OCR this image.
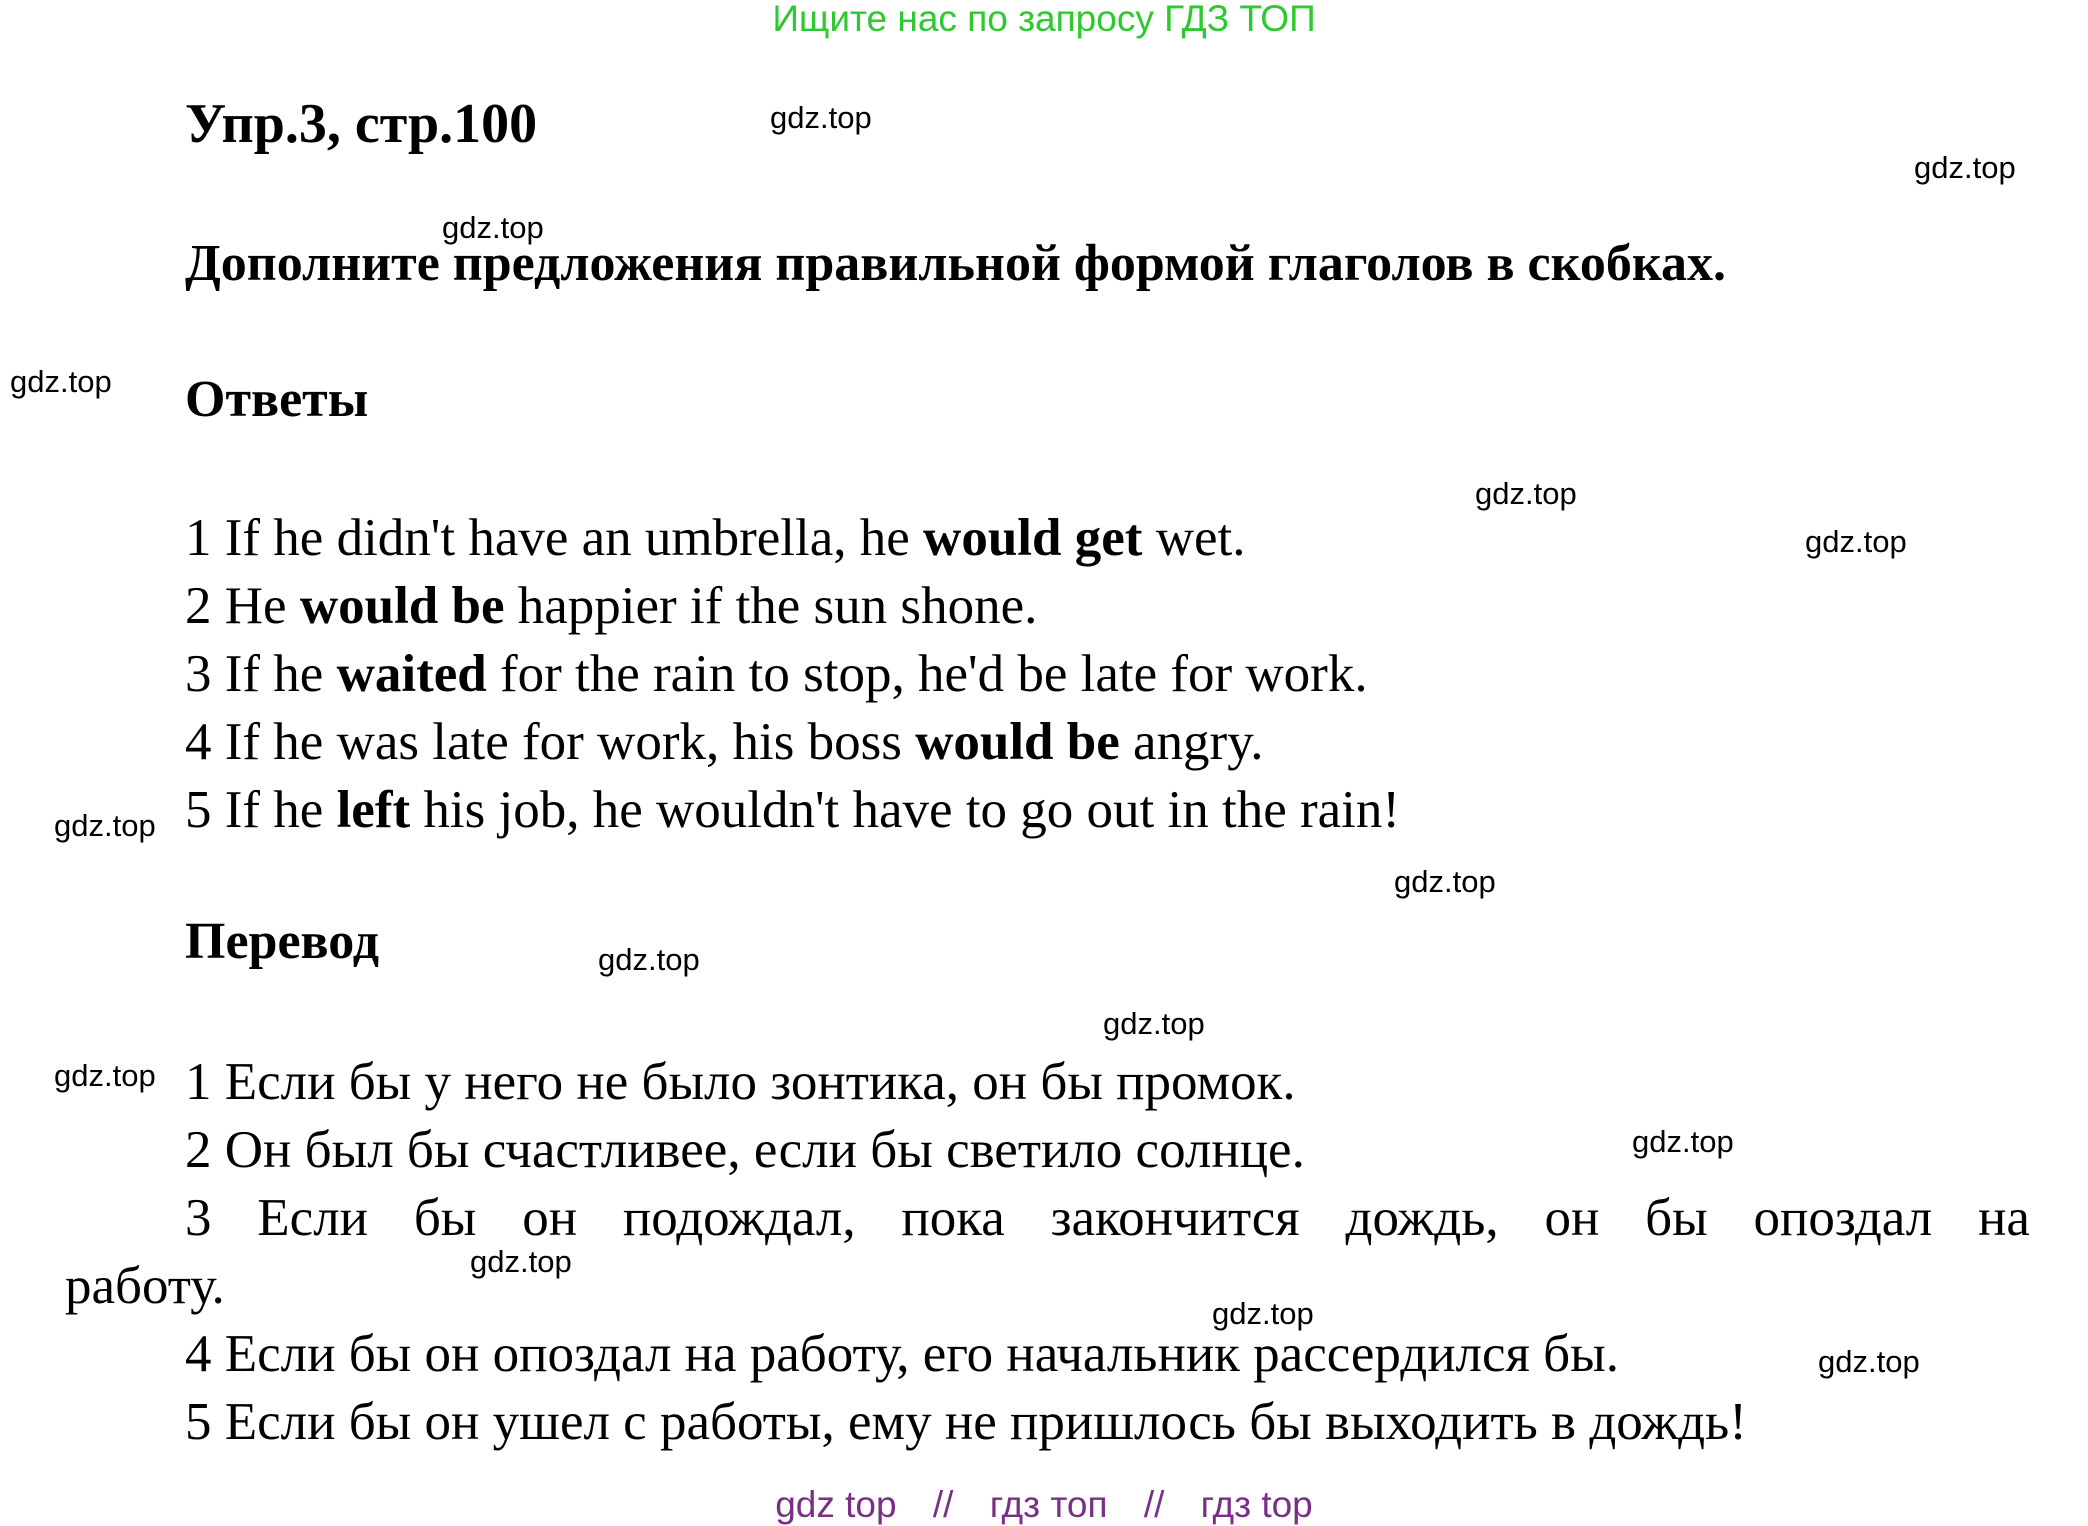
Ищите нас по запросу ГДЗ ТОП
Упр.3, стр.100
Дополните предложения правильной формой глаголов в скобках.
Ответы
1 If he didn't have an umbrella, he would get wet.
2 He would be happier if the sun shone.
3 If he waited for the rain to stop, he'd be late for work.
4 If he was late for work, his boss would be angry.
5 If he left his job, he wouldn't have to go out in the rain!
Перевод
1 Если бы у него не было зонтика, он бы промок.
2 Он был бы счастливее, если бы светило солнце.
3 Если бы он подождал, пока закончится дождь, он бы опоздал на
работу.
4 Если бы он опоздал на работу, его начальник рассердился бы.
5 Если бы он ушел с работы, ему не пришлось бы выходить в дождь!
gdz.top
gdz.top
gdz.top
gdz.top
gdz.top
gdz.top
gdz.top
gdz.top
gdz.top
gdz.top
gdz.top
gdz.top
gdz.top
gdz.top
gdz.top
gdz top // гдз топ // гдз top
